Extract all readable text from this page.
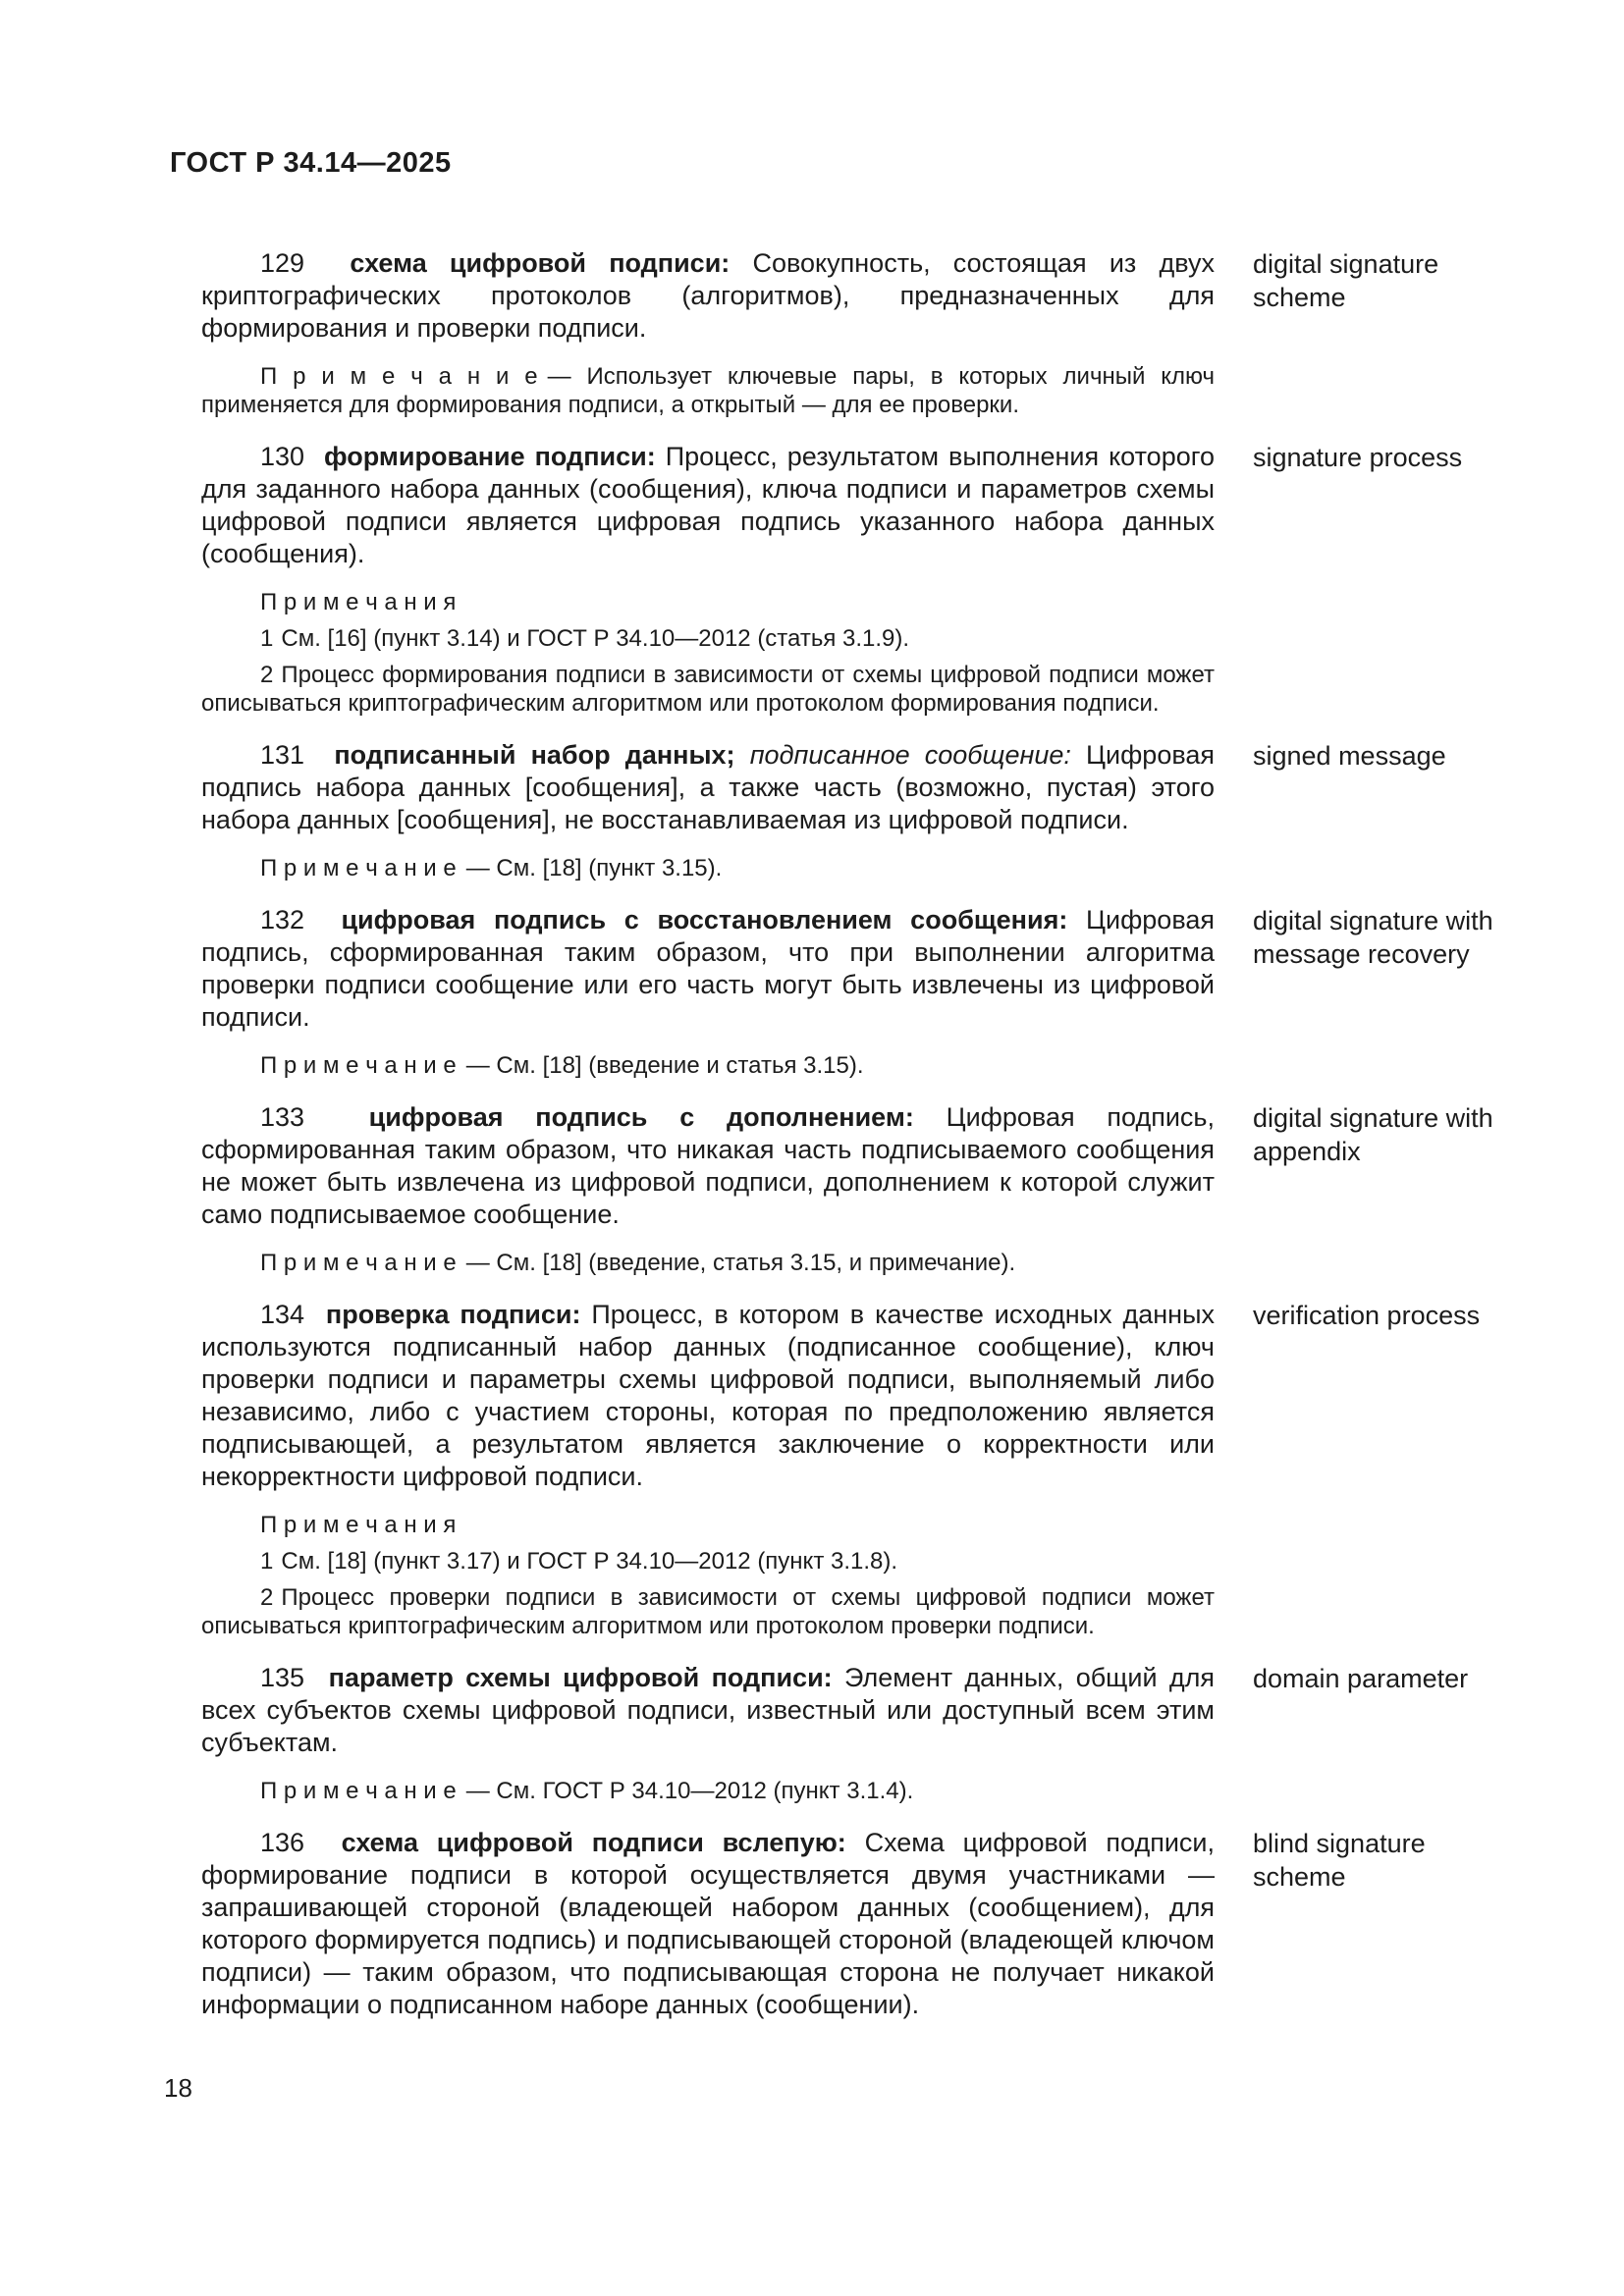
ГОСТ Р 34.14—2025

129  схема цифровой подписи: Совокупность, состоящая из двух криптографических протоколов (алгоритмов), предназначенных для формирования и проверки подписи.

П р и м е ч а н и е — Использует ключевые пары, в которых личный ключ применяется для формирования подписи, а открытый — для ее проверки.

digital signature
scheme

130  формирование подписи: Процесс, результатом выполнения которого для заданного набора данных (сообщения), ключа подписи и параметров схемы цифровой подписи является цифровая подпись указанного набора данных (сообщения).

П р и м е ч а н и я

1 См. [16] (пункт 3.14) и ГОСТ Р 34.10—2012 (статья 3.1.9).

2 Процесс формирования подписи в зависимости от схемы цифровой подписи может описываться криптографическим алгоритмом или протоколом формирования подписи.

signature process

131  подписанный набор данных; подписанное сообщение: Цифровая подпись набора данных [сообщения], а также часть (возможно, пустая) этого набора данных [сообщения], не восстанавливаемая из цифровой подписи.

П р и м е ч а н и е — См. [18] (пункт 3.15).

signed message

132  цифровая подпись с восстановлением сообщения: Цифровая подпись, сформированная таким образом, что при выполнении алгоритма проверки подписи сообщение или его часть могут быть извлечены из цифровой подписи.

П р и м е ч а н и е — См. [18] (введение и статья 3.15).

digital signature with
message recovery

133  цифровая подпись с дополнением: Цифровая подпись, сформированная таким образом, что никакая часть подписываемого сообщения не может быть извлечена из цифровой подписи, дополнением к которой служит само подписываемое сообщение.

П р и м е ч а н и е — См. [18] (введение, статья 3.15, и примечание).

digital signature with
appendix

134  проверка подписи: Процесс, в котором в качестве исходных данных используются подписанный набор данных (подписанное сообщение), ключ проверки подписи и параметры схемы цифровой подписи, выполняемый либо независимо, либо с участием стороны, которая по предположению является подписывающей, а результатом является заключение о корректности или некорректности цифровой подписи.

П р и м е ч а н и я

1 См. [18] (пункт 3.17) и ГОСТ Р 34.10—2012 (пункт 3.1.8).

2 Процесс проверки подписи в зависимости от схемы цифровой подписи может описываться криптографическим алгоритмом или протоколом проверки подписи.

verification process

135  параметр схемы цифровой подписи: Элемент данных, общий для всех субъектов схемы цифровой подписи, известный или доступный всем этим субъектам.

П р и м е ч а н и е — См. ГОСТ Р 34.10—2012 (пункт 3.1.4).

domain parameter

136  схема цифровой подписи вслепую: Схема цифровой подписи, формирование подписи в которой осуществляется двумя участниками — запрашивающей стороной (владеющей набором данных (сообщением), для которого формируется подпись) и подписывающей стороной (владеющей ключом подписи) — таким образом, что подписывающая сторона не получает никакой информации о подписанном наборе данных (сообщении).

blind signature
scheme
18
